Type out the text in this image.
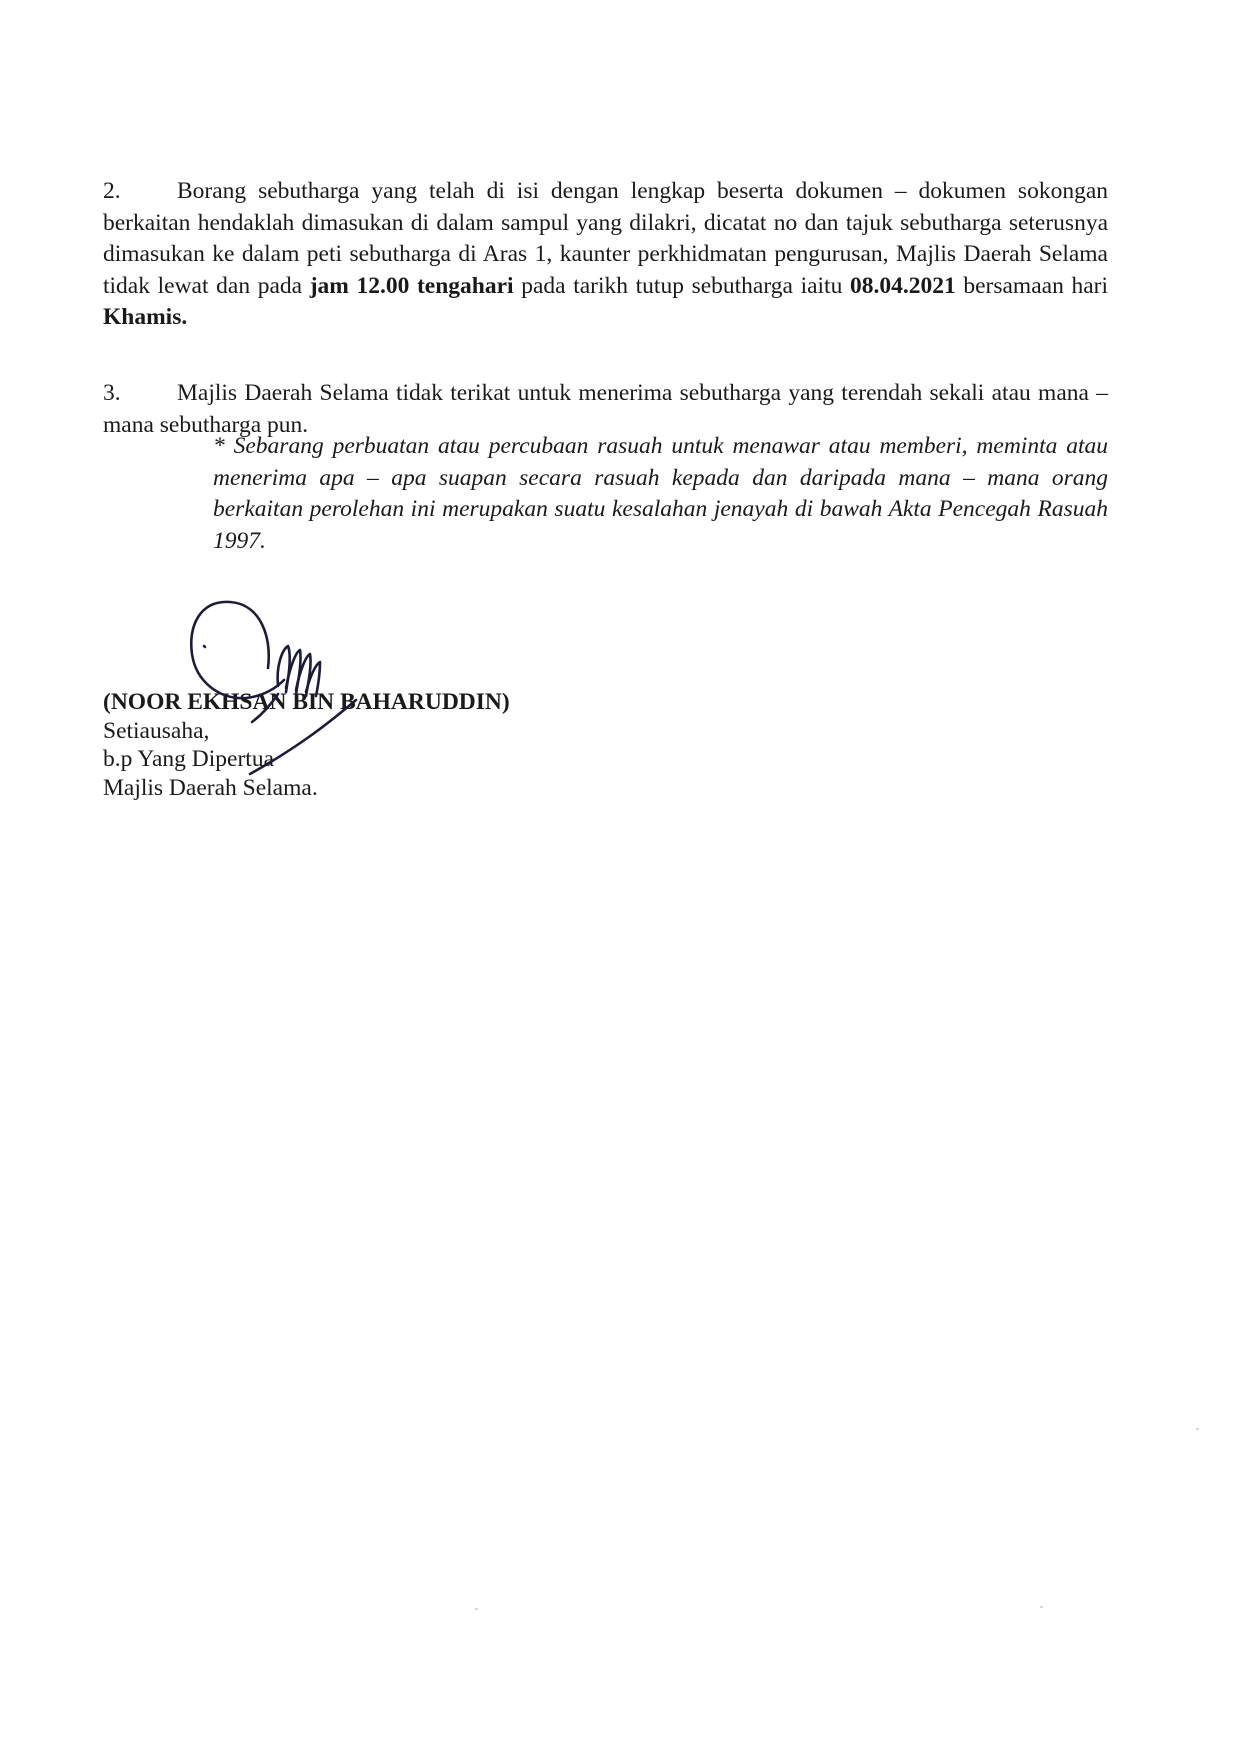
2. Borang sebutharga yang telah di isi dengan lengkap beserta dokumen – dokumen sokongan berkaitan hendaklah dimasukan di dalam sampul yang dilakri, dicatat no dan tajuk sebutharga seterusnya dimasukan ke dalam peti sebutharga di Aras 1, kaunter perkhidmatan pengurusan, Majlis Daerah Selama tidak lewat dan pada jam 12.00 tengahari pada tarikh tutup sebutharga iaitu 08.04.2021 bersamaan hari Khamis.

3. Majlis Daerah Selama tidak terikat untuk menerima sebutharga yang terendah sekali atau mana – mana sebutharga pun.

* Sebarang perbuatan atau percubaan rasuah untuk menawar atau memberi, meminta atau menerima apa – apa suapan secara rasuah kepada dan daripada mana – mana orang berkaitan perolehan ini merupakan suatu kesalahan jenayah di bawah Akta Pencegah Rasuah 1997.

(NOOR EKHSAN BIN BAHARUDDIN)
Setiausaha,
b.p Yang Dipertua
Majlis Daerah Selama.
